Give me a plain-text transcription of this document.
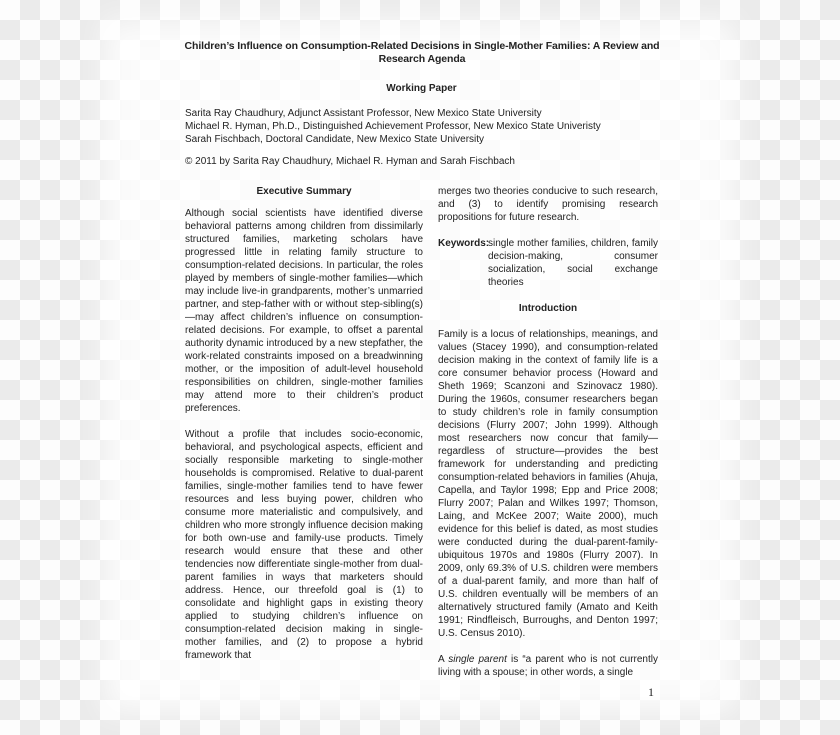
Children’s Influence on Consumption-Related Decisions in Single-Mother Families: A Review and Research Agenda
Working Paper
Sarita Ray Chaudhury, Adjunct Assistant Professor, New Mexico State University
Michael R. Hyman, Ph.D., Distinguished Achievement Professor, New Mexico State Univeristy
Sarah Fischbach, Doctoral Candidate, New Mexico State University
© 2011 by Sarita Ray Chaudhury, Michael R. Hyman and Sarah Fischbach
Executive Summary

Although social scientists have identified diverse behavioral patterns among children from dissimilarly structured families, marketing scholars have progressed little in relating family structure to consumption-related decisions. In particular, the roles played by members of single-mother families—which may include live-in grandparents, mother’s unmarried partner, and step-father with or without step-sibling(s)—may affect children’s influence on consumption-related decisions. For example, to offset a parental authority dynamic introduced by a new stepfather, the work-related constraints imposed on a breadwinning mother, or the imposition of adult-level household responsibilities on children, single-mother families may attend more to their children’s product preferences.

Without a profile that includes socio-economic, behavioral, and psychological aspects, efficient and socially responsible marketing to single-mother households is compromised. Relative to dual-parent families, single-mother families tend to have fewer resources and less buying power, children who consume more materialistic and compulsively, and children who more strongly influence decision making for both own-use and family-use products. Timely research would ensure that these and other tendencies now differentiate single-mother from dual-parent families in ways that marketers should address. Hence, our threefold goal is (1) to consolidate and highlight gaps in existing theory applied to studying children’s influence on consumption-related decision making in single-mother families, and (2) to propose a hybrid framework that

merges two theories conducive to such research, and (3) to identify promising research propositions for future research.

Keywords:
single mother families, children, family decision-making, consumer socialization, social exchange theories
Introduction

Family is a locus of relationships, meanings, and values (Stacey 1990), and consumption-related decision making in the context of family life is a core consumer behavior process (Howard and Sheth 1969; Scanzoni and Szinovacz 1980). During the 1960s, consumer researchers began to study children’s role in family consumption decisions (Flurry 2007; John 1999). Although most researchers now concur that family—regardless of structure—provides the best framework for understanding and predicting consumption-related behaviors in families (Ahuja, Capella, and Taylor 1998; Epp and Price 2008; Flurry 2007; Palan and Wilkes 1997; Thomson, Laing, and McKee 2007; Waite 2000), much evidence for this belief is dated, as most studies were conducted during the dual-parent-family-ubiquitous 1970s and 1980s (Flurry 2007). In 2009, only 69.3% of U.S. children were members of a dual-parent family, and more than half of U.S. children eventually will be members of an alternatively structured family (Amato and Keith 1991; Rindfleisch, Burroughs, and Denton 1997; U.S. Census 2010).

A single parent is “a parent who is not currently living with a spouse; in other words, a single

1
